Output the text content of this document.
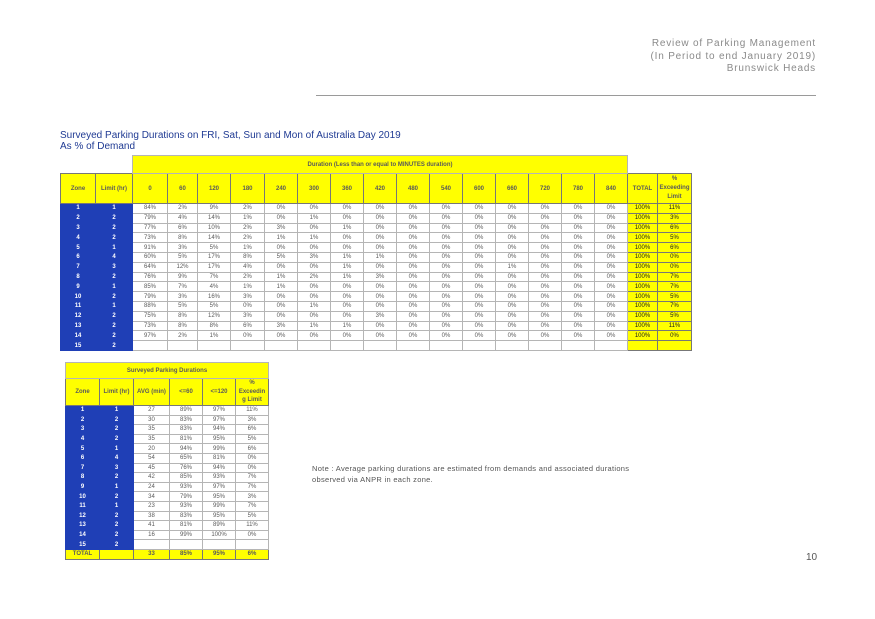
Review of Parking Management
(In Period to end January 2019)
Brunswick Heads
Surveyed Parking Durations on FRI, Sat, Sun and Mon of Australia Day 2019
As % of Demand
		Duration (Less than or equal to MINUTES duration)																
Zone	Limit (hr)	0	60	120	180	240	300	360	420	480	540	600	660	720	780	840	TOTAL	%
Exceeding
Limit

1	1	84%	2%	9%	2%	0%	0%	0%	0%	0%	0%	0%	0%	0%	0%	0%	100%	11%
2	2	79%	4%	14%	1%	0%	1%	0%	0%	0%	0%	0%	0%	0%	0%	0%	100%	3%
3	2	77%	6%	10%	2%	3%	0%	1%	0%	0%	0%	0%	0%	0%	0%	0%	100%	6%
4	2	73%	8%	14%	2%	1%	1%	0%	0%	0%	0%	0%	0%	0%	0%	0%	100%	5%
5	1	91%	3%	5%	1%	0%	0%	0%	0%	0%	0%	0%	0%	0%	0%	0%	100%	6%
6	4	60%	5%	17%	8%	5%	3%	1%	1%	0%	0%	0%	0%	0%	0%	0%	100%	0%
7	3	64%	12%	17%	4%	0%	0%	1%	0%	0%	0%	0%	1%	0%	0%	0%	100%	0%
8	2	76%	9%	7%	2%	1%	2%	1%	3%	0%	0%	0%	0%	0%	0%	0%	100%	7%
9	1	85%	7%	4%	1%	1%	0%	0%	0%	0%	0%	0%	0%	0%	0%	0%	100%	7%
10	2	79%	3%	16%	3%	0%	0%	0%	0%	0%	0%	0%	0%	0%	0%	0%	100%	5%
11	1	88%	5%	5%	0%	0%	1%	0%	0%	0%	0%	0%	0%	0%	0%	0%	100%	7%
12	2	75%	8%	12%	3%	0%	0%	0%	3%	0%	0%	0%	0%	0%	0%	0%	100%	5%
13	2	73%	8%	8%	6%	3%	1%	1%	0%	0%	0%	0%	0%	0%	0%	0%	100%	11%
14	2	97%	2%	1%	0%	0%	0%	0%	0%	0%	0%	0%	0%	0%	0%	0%	100%	0%
15	2																	
Surveyed Parking Durations					
Zone	Limit (hr)	AVG (min)	<=60	<=120	%
Exceedin
g Limit

1	1	27	89%	97%	11%
2	2	30	83%	97%	3%
3	2	35	83%	94%	6%
4	2	35	81%	95%	5%
5	1	20	94%	99%	6%
6	4	54	65%	81%	0%
7	3	45	76%	94%	0%
8	2	42	85%	93%	7%
9	1	24	93%	97%	7%
10	2	34	79%	95%	3%
11	1	23	93%	99%	7%
12	2	38	83%	95%	5%
13	2	41	81%	89%	11%
14	2	16	99%	100%	0%
15	2				
TOTAL		33	85%	95%	6%
Note : Average parking durations are estimated from demands and associated durations
observed via ANPR in each zone.
10
